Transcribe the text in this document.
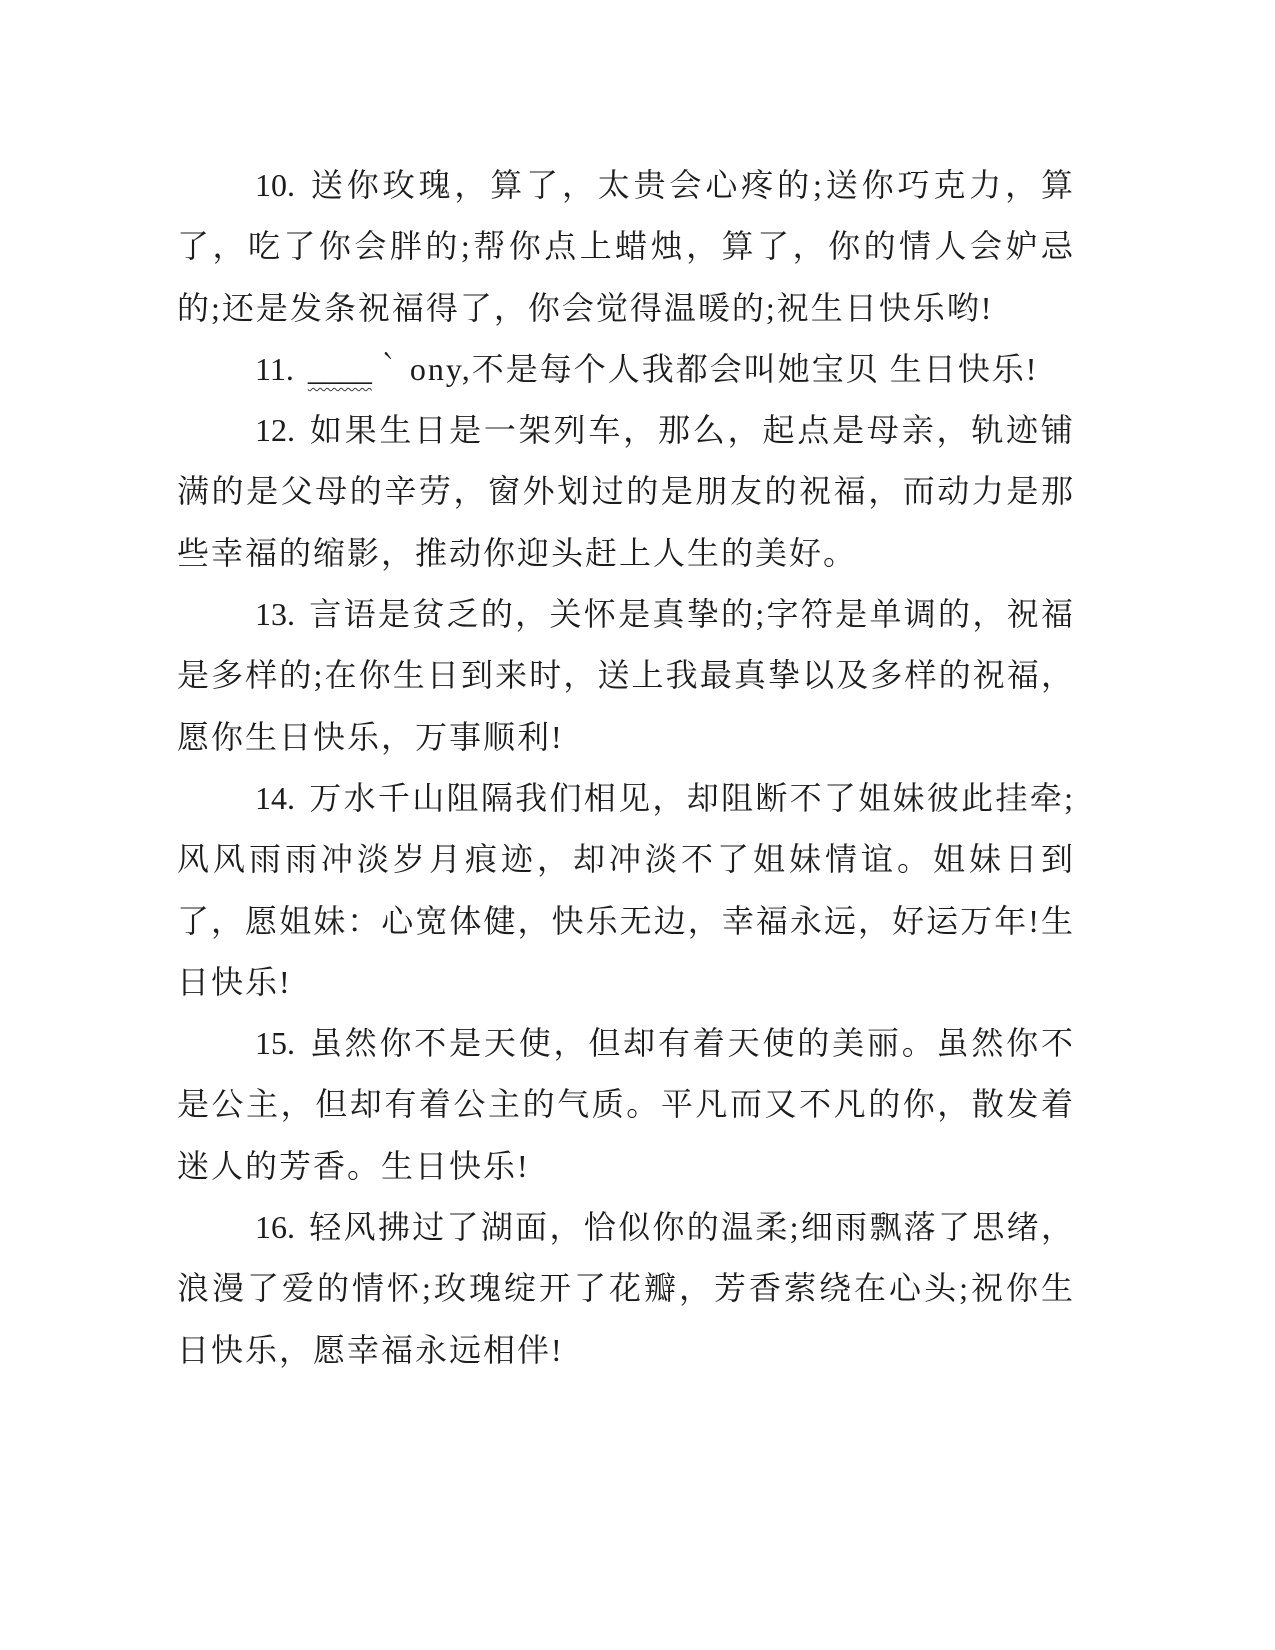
10. 送你玫瑰，算了，太贵会心疼的;送你巧克力，算了，吃了你会胖的;帮你点上蜡烛，算了，你的情人会妒忌的;还是发条祝福得了，你会觉得温暖的;祝生日快乐哟!

11. ____｀ ony,不是每个人我都会叫她宝贝 生日快乐!

12. 如果生日是一架列车，那么，起点是母亲，轨迹铺满的是父母的辛劳，窗外划过的是朋友的祝福，而动力是那些幸福的缩影，推动你迎头赶上人生的美好。

13. 言语是贫乏的，关怀是真挚的;字符是单调的，祝福是多样的;在你生日到来时，送上我最真挚以及多样的祝福，愿你生日快乐，万事顺利!

14. 万水千山阻隔我们相见，却阻断不了姐妹彼此挂牵;风风雨雨冲淡岁月痕迹，却冲淡不了姐妹情谊。姐妹日到了，愿姐妹：心宽体健，快乐无边，幸福永远，好运万年!生日快乐!

15. 虽然你不是天使，但却有着天使的美丽。虽然你不是公主，但却有着公主的气质。平凡而又不凡的你，散发着迷人的芳香。生日快乐!

16. 轻风拂过了湖面，恰似你的温柔;细雨飘落了思绪，浪漫了爱的情怀;玫瑰绽开了花瓣，芳香萦绕在心头;祝你生日快乐，愿幸福永远相伴!
